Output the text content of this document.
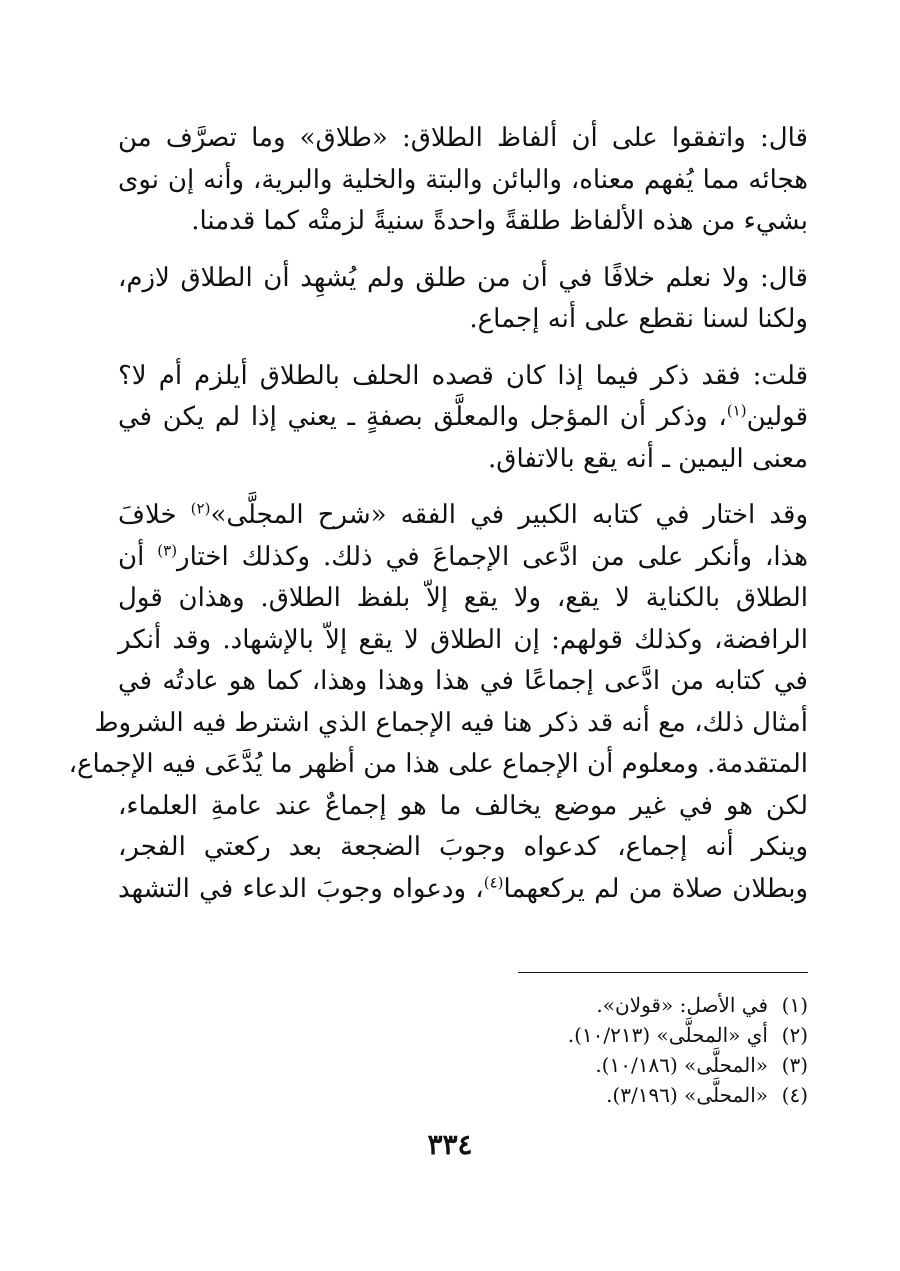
قال: واتفقوا على أن ألفاظ الطلاق: «طلاق» وما تصرَّف من
هجائه مما يُفهم معناه، والبائن والبتة والخلية والبرية، وأنه إن نوى
بشيء من هذه الألفاظ طلقةً واحدةً سنيةً لزمتْه كما قدمنا.
قال: ولا نعلم خلافًا في أن من طلق ولم يُشهِد أن الطلاق لازم،
ولكنا لسنا نقطع على أنه إجماع.
قلت: فقد ذكر فيما إذا كان قصده الحلف بالطلاق أيلزم أم لا؟
قولين$^{(١)}$، وذكر أن المؤجل والمعلَّق بصفةٍ ـ يعني إذا لم يكن في
معنى اليمين ـ أنه يقع بالاتفاق.
وقد اختار في كتابه الكبير في الفقه «شرح المجلَّى»$^{(٢)}$ خلافَ
هذا، وأنكر على من ادَّعى الإجماعَ في ذلك. وكذلك اختار$^{(٣)}$ أن
الطلاق بالكناية لا يقع، ولا يقع إلاّ بلفظ الطلاق. وهذان قول
الرافضة، وكذلك قولهم: إن الطلاق لا يقع إلاّ بالإشهاد. وقد أنكر
في كتابه من ادَّعى إجماعًا في هذا وهذا وهذا، كما هو عادتُه في
أمثال ذلك، مع أنه قد ذكر هنا فيه الإجماع الذي اشترط فيه الشروط
المتقدمة. ومعلوم أن الإجماع على هذا من أظهر ما يُدَّعَى فيه الإجماع،
لكن هو في غير موضع يخالف ما هو إجماعٌ عند عامةِ العلماء،
وينكر أنه إجماع، كدعواه وجوبَ الضجعة بعد ركعتي الفجر،
وبطلان صلاة من لم يركعهما$^{(٤)}$، ودعواه وجوبَ الدعاء في التشهد
(١)في الأصل: «قولان».
(٢)أي «المحلَّى» (١٠/٢١٣).
(٣)«المحلَّى» (١٠/١٨٦).
(٤)«المحلَّى» (٣/١٩٦).
٣٣٤
